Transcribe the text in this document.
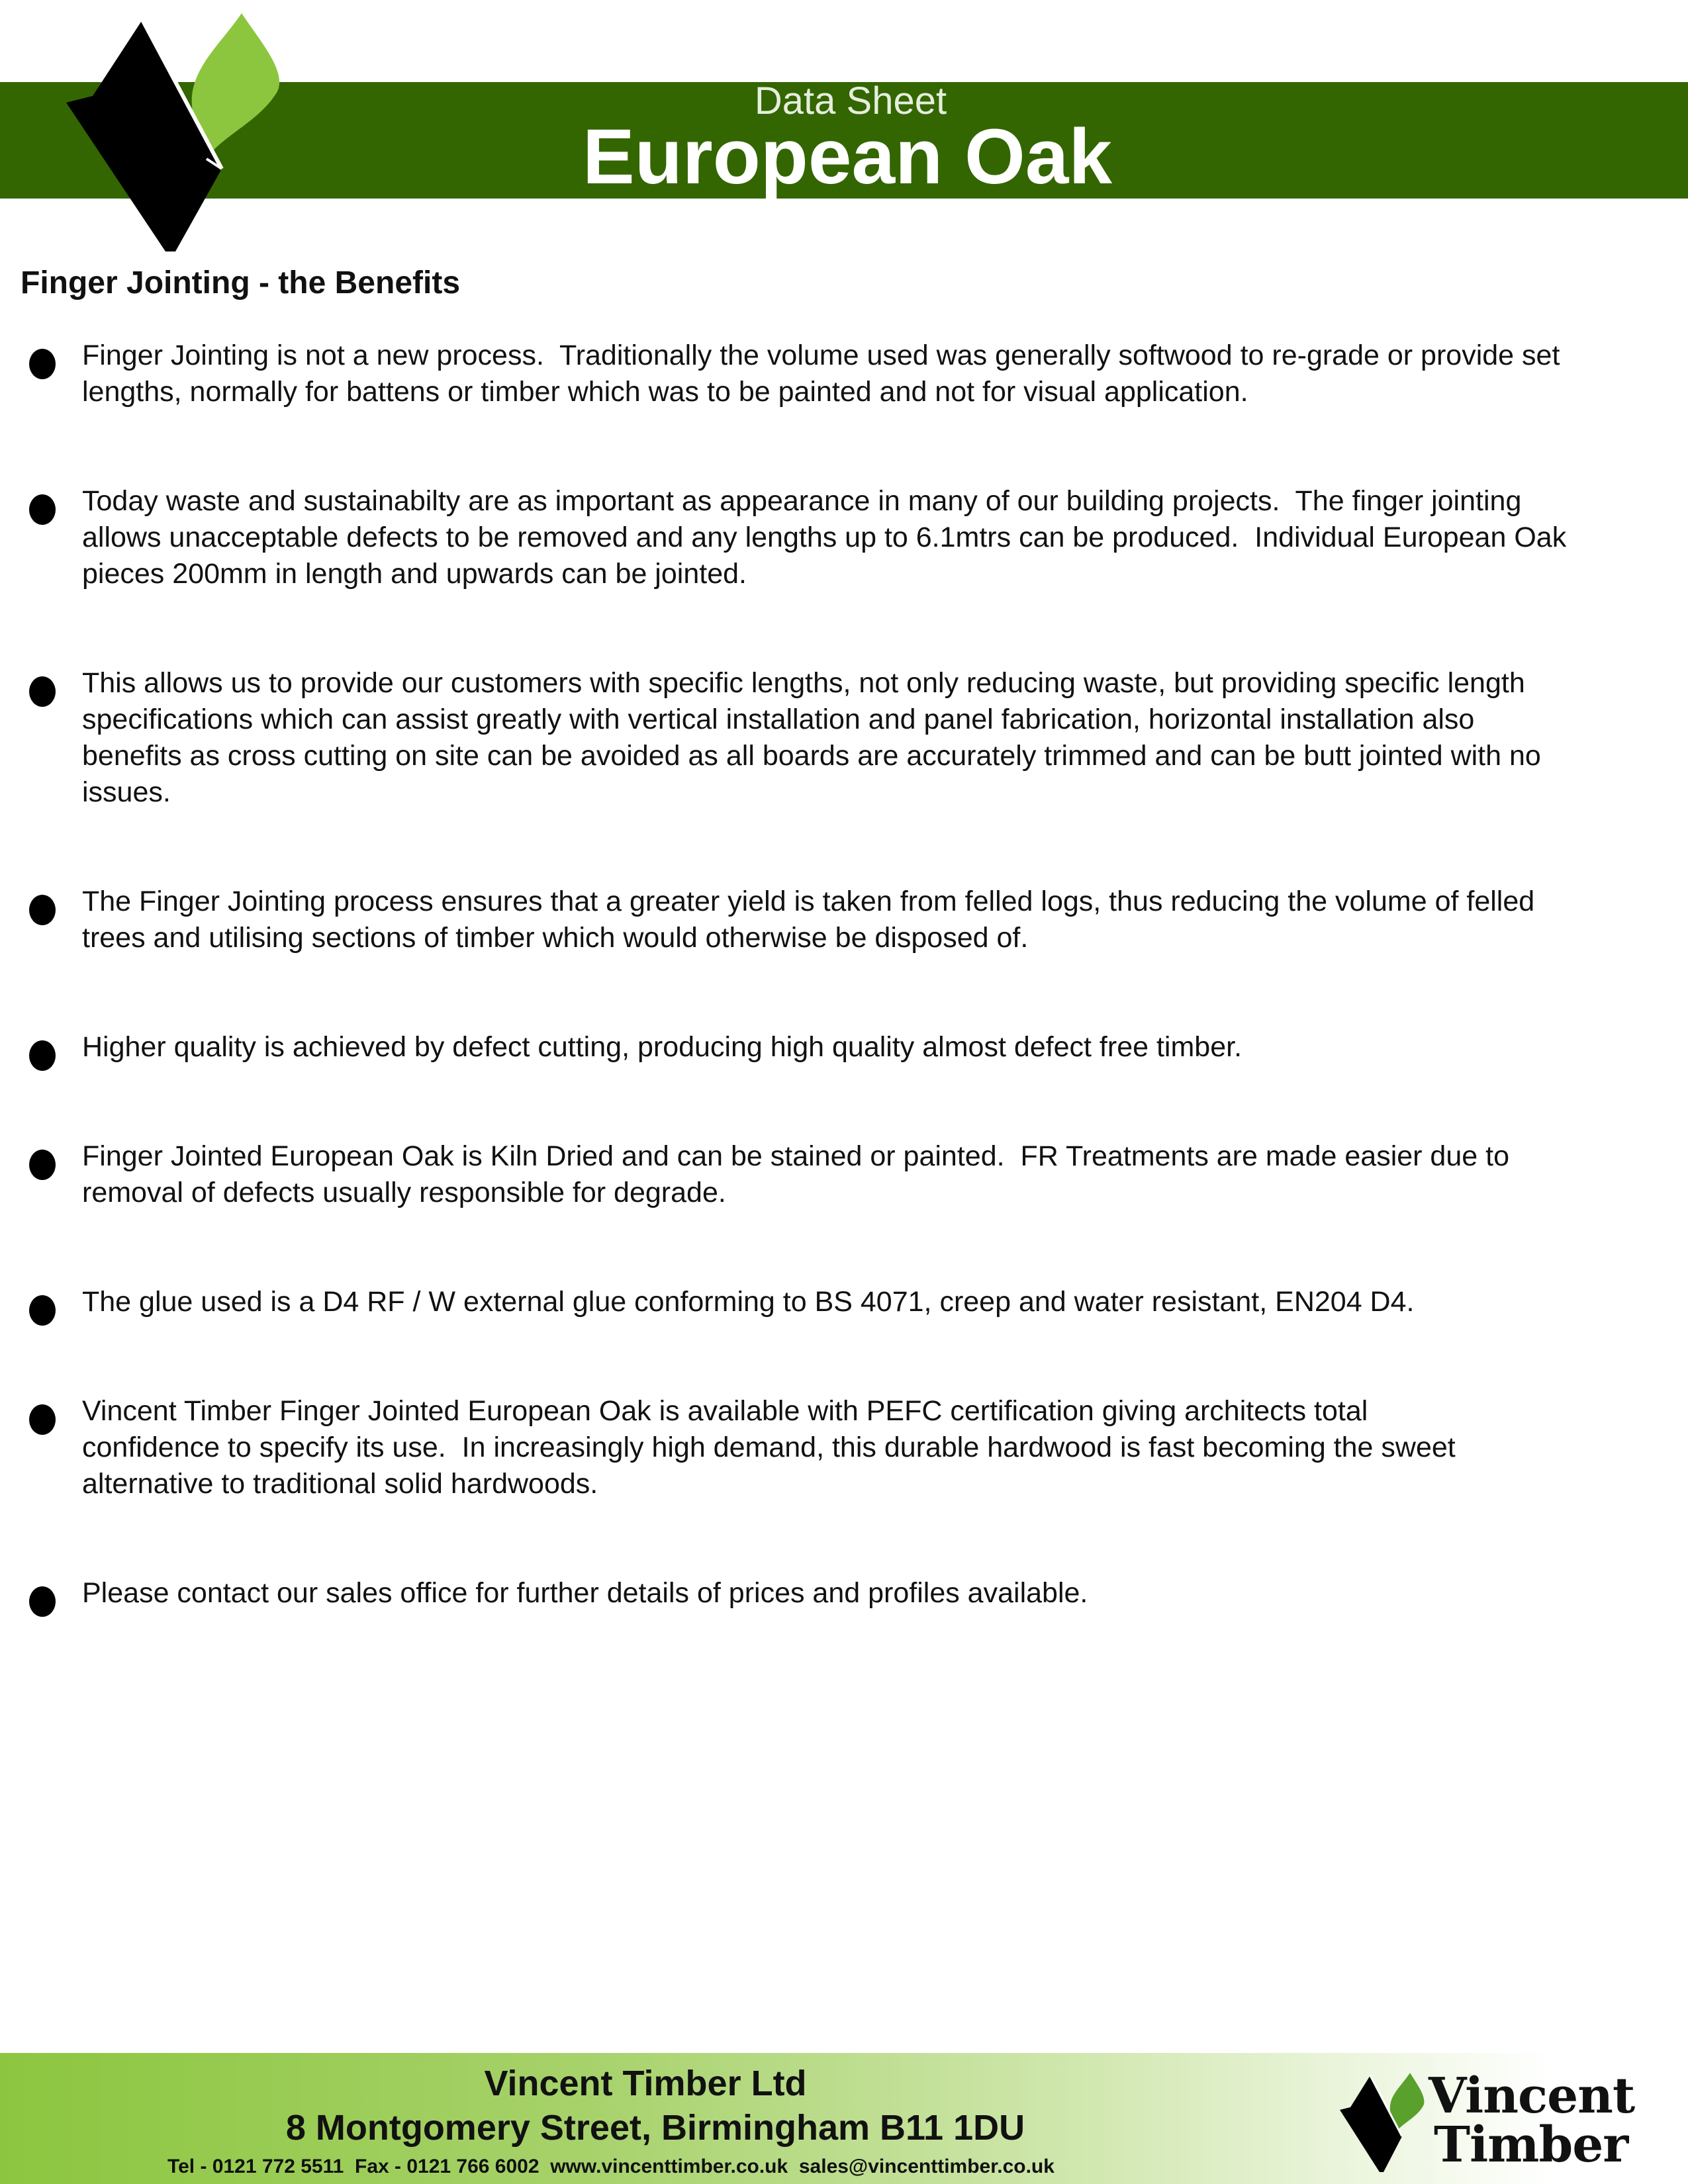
Data Sheet
European Oak
Finger Jointing - the Benefits
Finger Jointing is not a new process.  Traditionally the volume used was generally softwood to re-grade or provide set
lengths, normally for battens or timber which was to be painted and not for visual application.
Today waste and sustainabilty are as important as appearance in many of our building projects.  The finger jointing
allows unacceptable defects to be removed and any lengths up to 6.1mtrs can be produced.  Individual European Oak
pieces 200mm in length and upwards can be jointed.
This allows us to provide our customers with specific lengths, not only reducing waste, but providing specific length
specifications which can assist greatly with vertical installation and panel fabrication, horizontal installation also
benefits as cross cutting on site can be avoided as all boards are accurately trimmed and can be butt jointed with no
issues.
The Finger Jointing process ensures that a greater yield is taken from felled logs, thus reducing the volume of felled
trees and utilising sections of timber which would otherwise be disposed of.
Higher quality is achieved by defect cutting, producing high quality almost defect free timber.
Finger Jointed European Oak is Kiln Dried and can be stained or painted.  FR Treatments are made easier due to
removal of defects usually responsible for degrade.
The glue used is a D4 RF / W external glue conforming to BS 4071, creep and water resistant, EN204 D4.
Vincent Timber Finger Jointed European Oak is available with PEFC certification giving architects total
confidence to specify its use.  In increasingly high demand, this durable hardwood is fast becoming the sweet
alternative to traditional solid hardwoods.
Please contact our sales office for further details of prices and profiles available.
Vincent Timber Ltd
8 Montgomery Street, Birmingham B11 1DU
Tel - 0121 772 5511  Fax - 0121 766 6002  www.vincenttimber.co.uk  sales@vincenttimber.co.uk
Vincent
Timber
